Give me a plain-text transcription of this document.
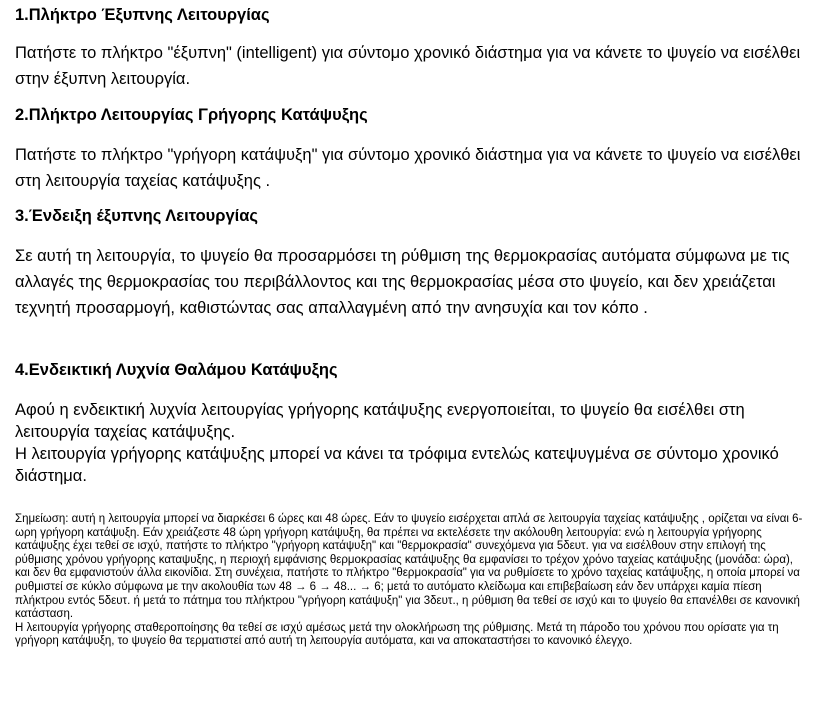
1.Πλήκτρο Έξυπνης Λειτουργίας

Πατήστε το πλήκτρο "έξυπνη" (intelligent) για σύντομο χρονικό διάστημα για να κάνετε το ψυγείο να εισέλθει στην έξυπνη λειτουργία.

2.Πλήκτρο Λειτουργίας Γρήγορης Κατάψυξης

Πατήστε το πλήκτρο "γρήγορη κατάψυξη" για σύντομο χρονικό διάστημα για να κάνετε το ψυγείο να εισέλθει στη λειτουργία ταχείας κατάψυξης .

3.Ένδειξη έξυπνης Λειτουργίας

Σε αυτή τη λειτουργία, το ψυγείο θα προσαρμόσει τη ρύθμιση της θερμοκρασίας αυτόματα σύμφωνα με τις αλλαγές της θερμοκρασίας του περιβάλλοντος και της θερμοκρασίας μέσα στο ψυγείο, και δεν χρειάζεται τεχνητή προσαρμογή, καθιστώντας σας απαλλαγμένη από την ανησυχία και τον κόπο .

4.Ενδεικτική Λυχνία Θαλάμου Κατάψυξης

Αφού η ενδεικτική λυχνία λειτουργίας γρήγορης κατάψυξης ενεργοποιείται, το ψυγείο θα εισέλθει στη λειτουργία ταχείας κατάψυξης.

Η λειτουργία γρήγορης κατάψυξης μπορεί να κάνει τα τρόφιμα εντελώς κατεψυγμένα σε σύντομο χρονικό διάστημα.

Σημείωση: αυτή η λειτουργία μπορεί να διαρκέσει 6 ώρες και 48 ώρες. Εάν το ψυγείο εισέρχεται απλά σε λειτουργία ταχείας κατάψυξης , ορίζεται να είναι 6-ωρη γρήγορη κατάψυξη. Εάν χρειάζεστε 48 ώρη γρήγορη κατάψυξη, θα πρέπει να εκτελέσετε την ακόλουθη λειτουργία: ενώ η λειτουργία γρήγορης κατάψυξης έχει τεθεί σε ισχύ, πατήστε το πλήκτρο "γρήγορη κατάψυξη" και "θερμοκρασία" συνεχόμενα για 5δευτ. για να εισέλθουν στην επιλογή της ρύθμισης χρόνου γρήγορης καταψυξης, η περιοχή εμφάνισης θερμοκρασίας κατάψυξης θα εμφανίσει το τρέχον χρόνο ταχείας κατάψυξης (μονάδα: ώρα), και δεν θα εμφανιστούν άλλα εικονίδια. Στη συνέχεια, πατήστε το πλήκτρο "θερμοκρασία" για να ρυθμίσετε το χρόνο ταχείας κατάψυξης, η οποία μπορεί να ρυθμιστεί σε κύκλο σύμφωνα με την ακολουθία των 48 → 6 → 48... → 6; μετά το αυτόματο κλείδωμα και επιβεβαίωση εάν δεν υπάρχει καμία πίεση πλήκτρου εντός 5δευτ. ή μετά το πάτημα του πλήκτρου "γρήγορη κατάψυξη" για 3δευτ., η ρύθμιση θα τεθεί σε ισχύ και το ψυγείο θα επανέλθει σε κανονική κατάσταση.

Η λειτουργία γρήγορης σταθεροποίησης θα τεθεί σε ισχύ αμέσως μετά την ολοκλήρωση της ρύθμισης. Μετά τη πάροδο του χρόνου που ορίσατε για τη γρήγορη κατάψυξη, το ψυγείο θα τερματιστεί από αυτή τη λειτουργία αυτόματα, και να αποκαταστήσει το κανονικό έλεγχο.
